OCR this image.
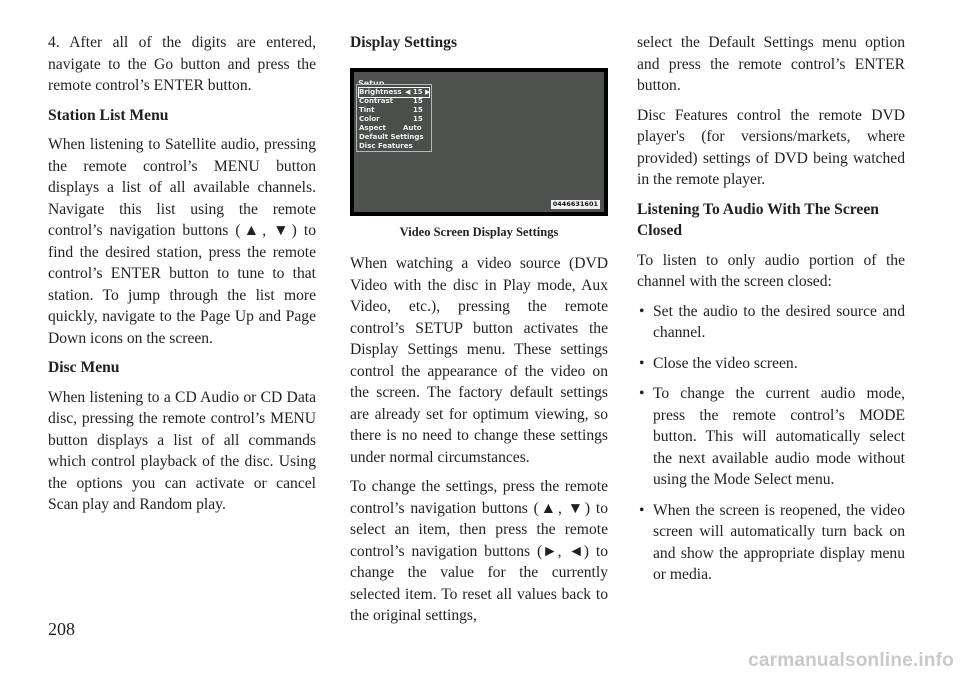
4. After all of the digits are entered, navigate to the Go button and press the remote control’s ENTER button.

Station List Menu

When listening to Satellite audio, pressing the remote control’s MENU button displays a list of all available channels. Navigate this list using the remote control’s navigation buttons (▲, ▼) to find the desired station, press the remote control’s ENTER button to tune to that station. To jump through the list more quickly, navigate to the Page Up and Page Down icons on the screen.

Disc Menu

When listening to a CD Audio or CD Data disc, pressing the remote control’s MENU button displays a list of all commands which control playback of the disc. Using the options you can activate or cancel Scan play and Random play.

Display Settings
Brightness ◀ 15 ▶
Contrast	15
Tint	15
Color	15
Aspect Auto
Default Settings
Disc Features
0446631601
Video Screen Display Settings

When watching a video source (DVD Video with the disc in Play mode, Aux Video, etc.), pressing the remote control’s SETUP button activates the Display Settings menu. These settings control the appearance of the video on the screen. The factory default settings are already set for optimum viewing, so there is no need to change these settings under normal circumstances.

To change the settings, press the remote control’s navigation buttons (▲, ▼) to select an item, then press the remote control’s navigation buttons (►, ◄) to change the value for the currently selected item. To reset all values back to the original settings,

select the Default Settings menu option and press the remote control’s ENTER button.

Disc Features control the remote DVD player's (for versions/markets, where provided) settings of DVD being watched in the remote player.

Listening To Audio With The Screen Closed

To listen to only audio portion of the channel with the screen closed:

• Set the audio to the desired source and channel.
• Close the video screen.
• To change the current audio mode, press the remote control’s MODE button. This will automatically select the next available audio mode without using the Mode Select menu.
• When the screen is reopened, the video screen will automatically turn back on and show the appropriate display menu or media.
208
carmanualsonline.info
